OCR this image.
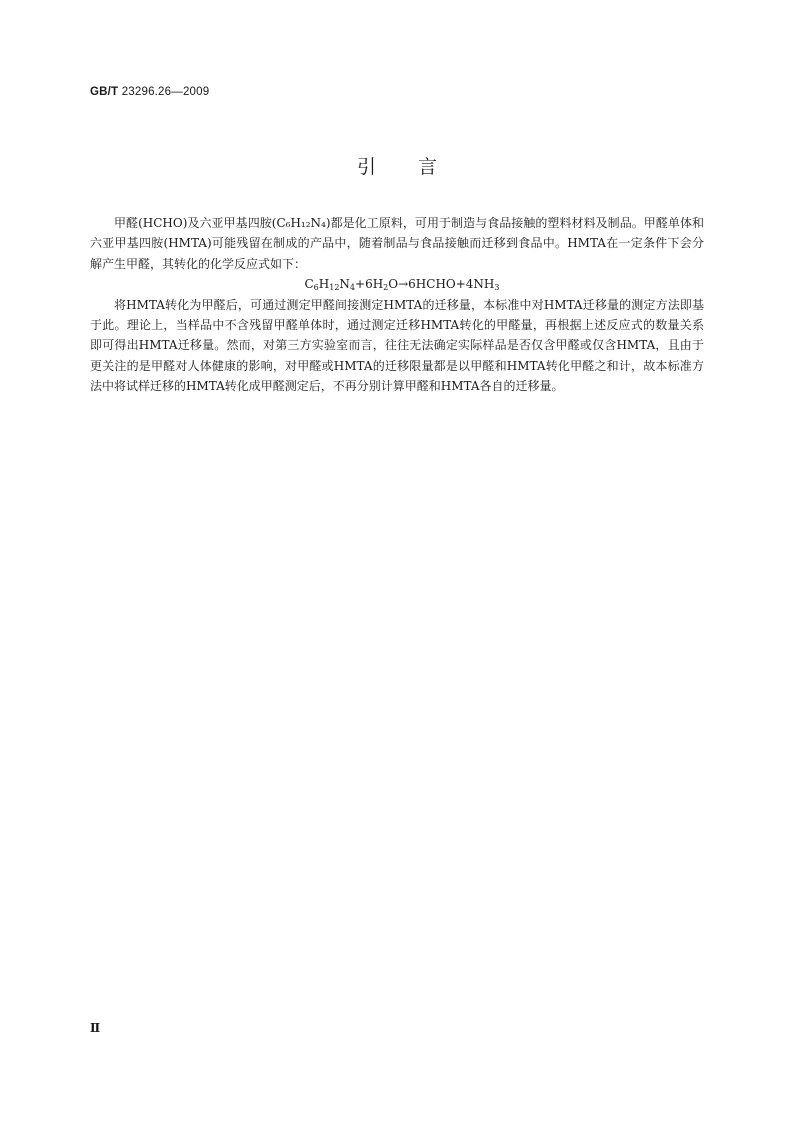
GB/T 23296.26—2009
引言

甲醛(HCHO)及六亚甲基四胺(C₆H₁₂N₄)都是化工原料，可用于制造与食品接触的塑料材料及制品。甲醛单体和六亚甲基四胺(HMTA)可能残留在制成的产品中，随着制品与食品接触而迁移到食品中。HMTA在一定条件下会分解产生甲醛，其转化的化学反应式如下：

$C_6H_{12}N_4+6H_2O\to 6HCHO+4NH_3$

将HMTA转化为甲醛后，可通过测定甲醛间接测定HMTA的迁移量，本标准中对HMTA迁移量的测定方法即基于此。理论上，当样品中不含残留甲醛单体时，通过测定迁移HMTA转化的甲醛量，再根据上述反应式的数量关系即可得出HMTA迁移量。然而，对第三方实验室而言，往往无法确定实际样品是否仅含甲醛或仅含HMTA，且由于更关注的是甲醛对人体健康的影响，对甲醛或HMTA的迁移限量都是以甲醛和HMTA转化甲醛之和计，故本标准方法中将试样迁移的HMTA转化成甲醛测定后，不再分别计算甲醛和HMTA各自的迁移量。

Ⅱ
